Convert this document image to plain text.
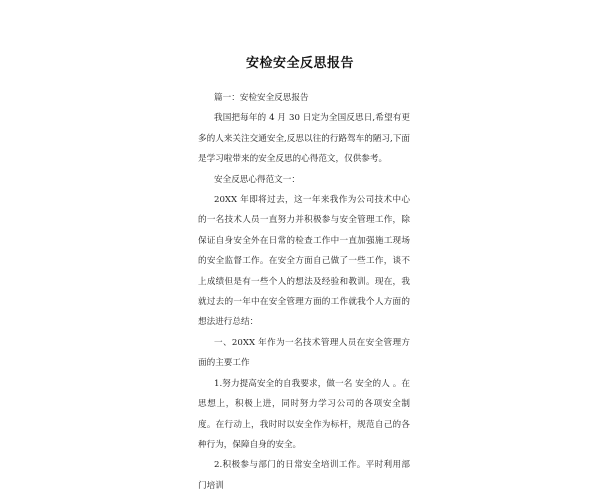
安检安全反思报告

篇一：安检安全反思报告

我国把每年的 4 月 30 日定为全国反思日,希望有更多的人来关注交通安全,反思以往的行路驾车的陋习,下面是学习啦带来的安全反思的心得范文，仅供参考。

安全反思心得范文一：

20XX 年即将过去，这一年来我作为公司技术中心的一名技术人员一直努力并积极参与安全管理工作，除保证自身安全外在日常的检查工作中一直加强施工现场的安全监督工作。在安全方面自己做了一些工作，谈不上成绩但是有一些个人的想法及经验和教训。现在，我就过去的一年中在安全管理方面的工作就我个人方面的想法进行总结：

一、20XX 年作为一名技术管理人员在安全管理方面的主要工作

1.努力提高安全的自我要求，做一名 安全的人 。在思想上，积极上进，同时努力学习公司的各项安全制度。在行动上，我时时以安全作为标杆，规范自己的各种行为，保障自身的安全。

2.积极参与部门的日常安全培训工作。平时利用部门培训
